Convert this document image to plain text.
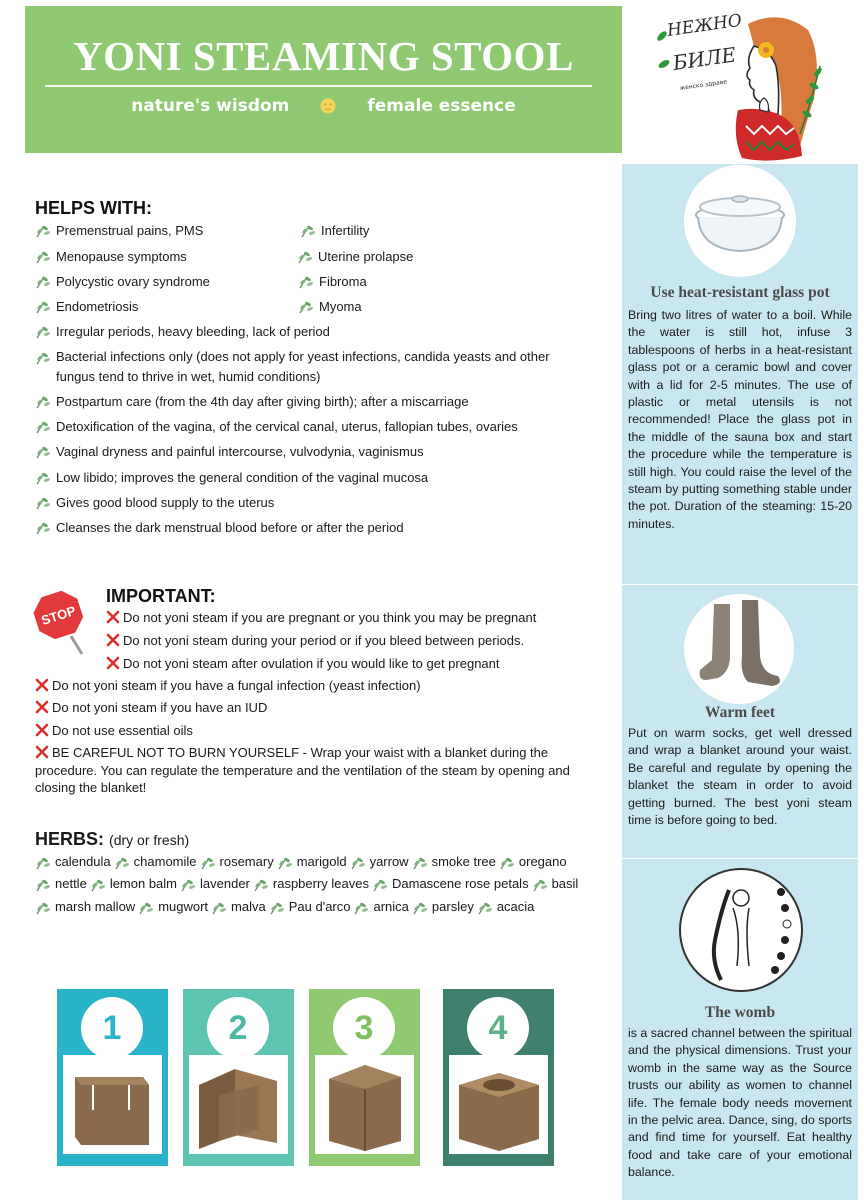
YONI STEAMING STOOL
nature's wisdom	female essence
НЕЖНО
БИЛЕ
женско здраве
HELPS WITH:
Premenstrual pains, PMS
Menopause symptoms
Polycystic ovary syndrome
Endometriosis
Infertility
Uterine prolapse
Fibroma
Myoma
Irregular periods, heavy bleeding, lack of period
Bacterial infections only (does not apply for yeast infections, candida yeasts and other fungus tend to thrive in wet, humid conditions)
Postpartum care (from the 4th day after giving birth); after a miscarriage
Detoxification of the vagina, of the cervical canal, uterus, fallopian tubes, ovaries
Vaginal dryness and painful intercourse, vulvodynia, vaginismus
Low libido; improves the general condition of the vaginal mucosa
Gives good blood supply to the uterus
Cleanses the dark menstrual blood before or after the period
STOP
IMPORTANT:
Do not yoni steam if you are pregnant or you think you may be pregnant
Do not yoni steam during your period or if you bleed between periods.
Do not yoni steam after ovulation if you would like to get pregnant
Do not yoni steam if you have a fungal infection (yeast infection)
Do not yoni steam if you have an IUD
Do not use essential oils
BE CAREFUL NOT TO BURN YOURSELF - Wrap your waist with a blanket during the procedure. You can regulate the temperature and the ventilation of the steam by opening and closing the blanket!
HERBS: (dry or fresh)
calendula chamomile rosemary marigold yarrow smoke tree oregano
nettle lemon balm lavender raspberry leaves Damascene rose petals basil
marsh mallow mugwort malva Pau d'arco arnica parsley acacia
1	2	3	4
Use heat-resistant glass pot
Bring two litres of water to a boil. While the water is still hot, infuse 3 tablespoons of herbs in a heat-resistant glass pot or a ceramic bowl and cover with a lid for 2-5 minutes. The use of plastic or metal utensils is not recommended! Place the glass pot in the middle of the sauna box and start the procedure while the temperature is still high. You could raise the level of the steam by putting something stable under the pot. Duration of the steaming: 15-20 minutes.
Warm feet
Put on warm socks, get well dressed and wrap a blanket around your waist. Be careful and regulate by opening the blanket the steam in order to avoid getting burned. The best yoni steam time is before going to bed.
The womb
is a sacred channel between the spiritual and the physical dimensions. Trust your womb in the same way as the Source trusts our ability as women to channel life. The female body needs movement in the pelvic area. Dance, sing, do sports and find time for yourself. Eat healthy food and take care of your emotional balance.
